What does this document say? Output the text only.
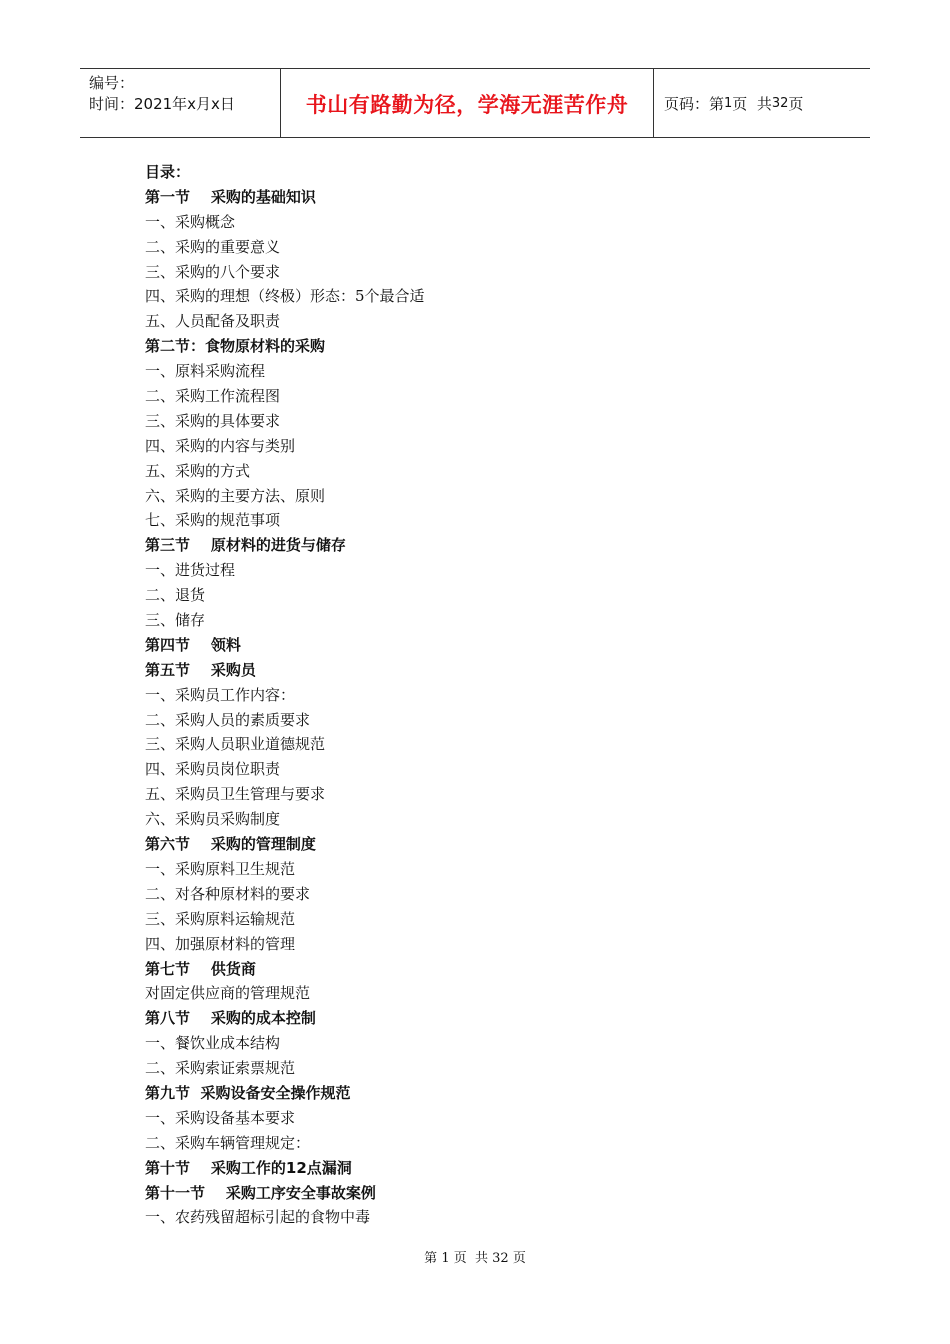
编号：
时间：2021年x月x日	书山有路勤为径，学海无涯苦作舟 页码：第 1 页  共 32 页
目录：
第一节    采购的基础知识
一、采购概念
二、采购的重要意义
三、采购的八个要求
四、采购的理想（终极）形态：5个最合适
五、人员配备及职责
第二节：食物原材料的采购
一、原料采购流程
二、采购工作流程图
三、采购的具体要求
四、采购的内容与类别
五、采购的方式
六、采购的主要方法、原则
七、采购的规范事项
第三节    原材料的进货与储存
一、进货过程
二、退货
三、储存
第四节    领料
第五节    采购员
一、采购员工作内容：
二、采购人员的素质要求
三、采购人员职业道德规范
四、采购员岗位职责
五、采购员卫生管理与要求
六、采购员采购制度
第六节    采购的管理制度
一、采购原料卫生规范
二、对各种原材料的要求
三、采购原料运输规范
四、加强原材料的管理
第七节    供货商
对固定供应商的管理规范
第八节    采购的成本控制
一、餐饮业成本结构
二、采购索证索票规范
第九节  采购设备安全操作规范
一、采购设备基本要求
二、采购车辆管理规定：
第十节    采购工作的12点漏洞
第十一节    采购工序安全事故案例
一、农药残留超标引起的食物中毒
第 1 页  共 32 页
